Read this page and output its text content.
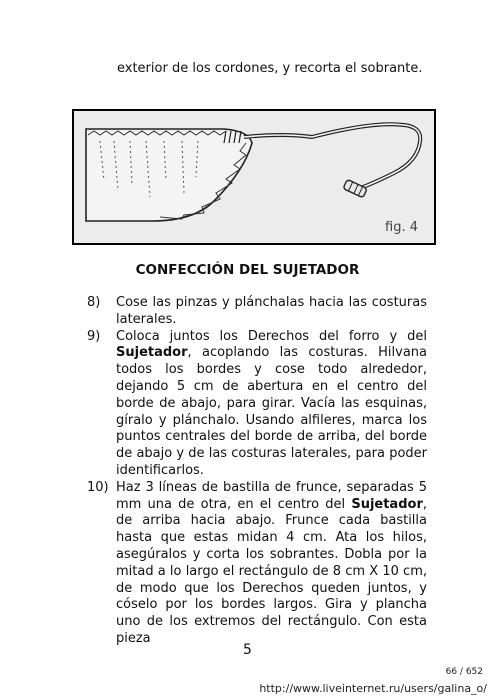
exterior de los cordones, y recorta el sobrante.

fig. 4
CONFECCIÓN DEL SUJETADOR
8) Cose las pinzas y plánchalas hacia las costuras laterales.
9) Coloca juntos los Derechos del forro y del Sujetador, acoplando las costuras. Hilvana todos los bordes y cose todo alrededor, dejando 5 cm de abertura en el centro del borde de abajo, para girar. Vacía las esquinas, gíralo y plánchalo. Usando alfileres, marca los puntos centrales del borde de arriba, del borde de abajo y de las costuras laterales, para poder identificarlos.
10) Haz 3 líneas de bastilla de frunce, separadas 5 mm una de otra, en el centro del Sujetador, de arriba hacia abajo. Frunce cada bastilla hasta que estas midan 4 cm. Ata los hilos, asegúralos y corta los sobrantes. Dobla por la mitad a lo largo el rectángulo de 8 cm X 10 cm, de modo que los Derechos queden juntos, y cóselo por los bordes largos. Gira y plancha uno de los extremos del rectángulo. Con esta pieza
5
66 / 652
http://www.liveinternet.ru/users/galina_o/
